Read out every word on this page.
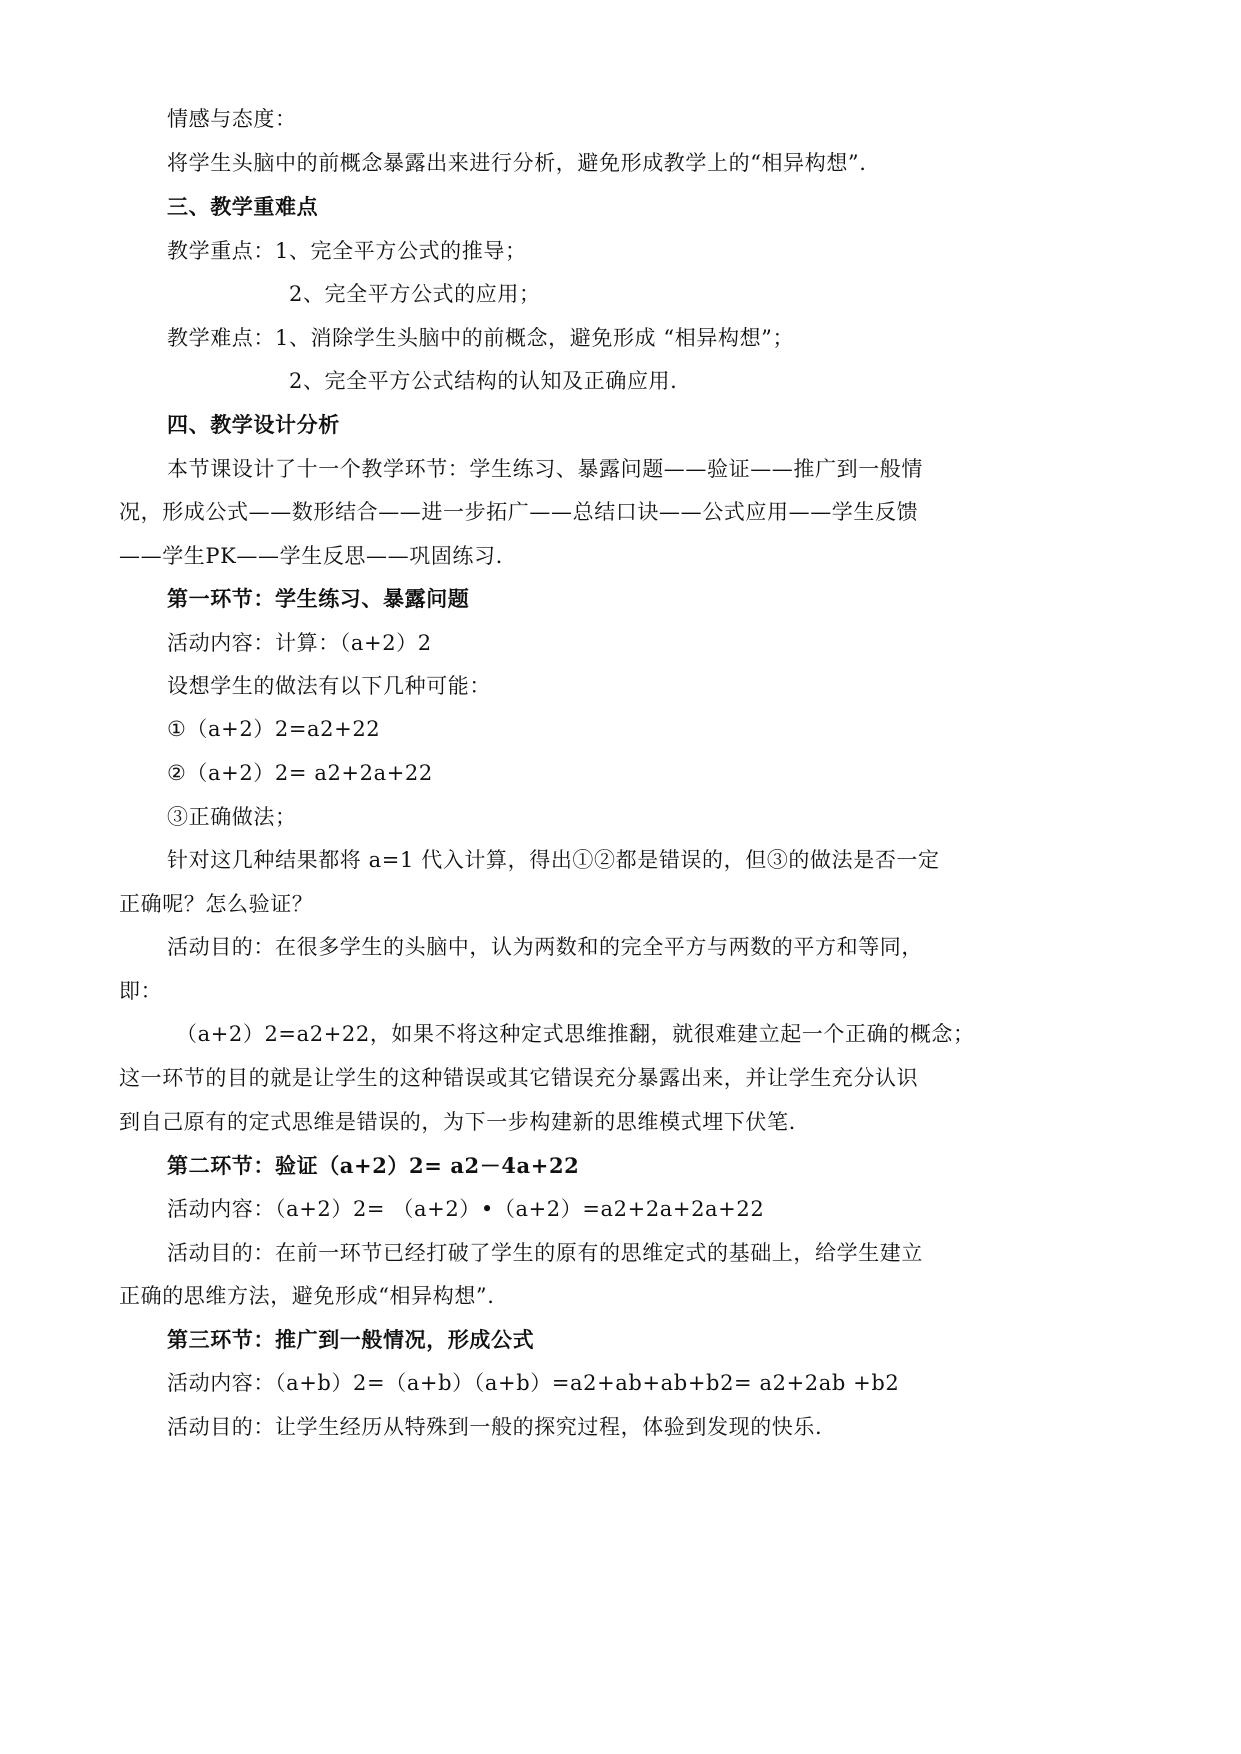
情感与态度：
将学生头脑中的前概念暴露出来进行分析，避免形成教学上的“相异构想”.
三、教学重难点
教学重点：1、完全平方公式的推导；
2、完全平方公式的应用；
教学难点：1、消除学生头脑中的前概念，避免形成 “相异构想”；
2、完全平方公式结构的认知及正确应用.
四、教学设计分析
本节课设计了十一个教学环节：学生练习、暴露问题——验证——推广到一般情
况，形成公式——数形结合——进一步拓广——总结口诀——公式应用——学生反馈
——学生PK——学生反思——巩固练习.
第一环节：学生练习、暴露问题
活动内容：计算：（a+2）2
设想学生的做法有以下几种可能：
①（a+2）2=a2+22
②（a+2）2= a2+2a+22
③正确做法；
针对这几种结果都将 a=1 代入计算，得出①②都是错误的，但③的做法是否一定
正确呢？怎么验证？
活动目的：在很多学生的头脑中，认为两数和的完全平方与两数的平方和等同，
即：
（a+2）2=a2+22，如果不将这种定式思维推翻，就很难建立起一个正确的概念；
这一环节的目的就是让学生的这种错误或其它错误充分暴露出来，并让学生充分认识
到自己原有的定式思维是错误的，为下一步构建新的思维模式埋下伏笔.
第二环节：验证（a+2）2= a2－4a+22
活动内容：（a+2）2= （a+2）•（a+2）=a2+2a+2a+22
活动目的：在前一环节已经打破了学生的原有的思维定式的基础上，给学生建立
正确的思维方法，避免形成“相异构想”.
第三环节：推广到一般情况，形成公式
活动内容：（a+b）2=（a+b）（a+b）=a2+ab+ab+b2= a2+2ab +b2
活动目的：让学生经历从特殊到一般的探究过程，体验到发现的快乐.
